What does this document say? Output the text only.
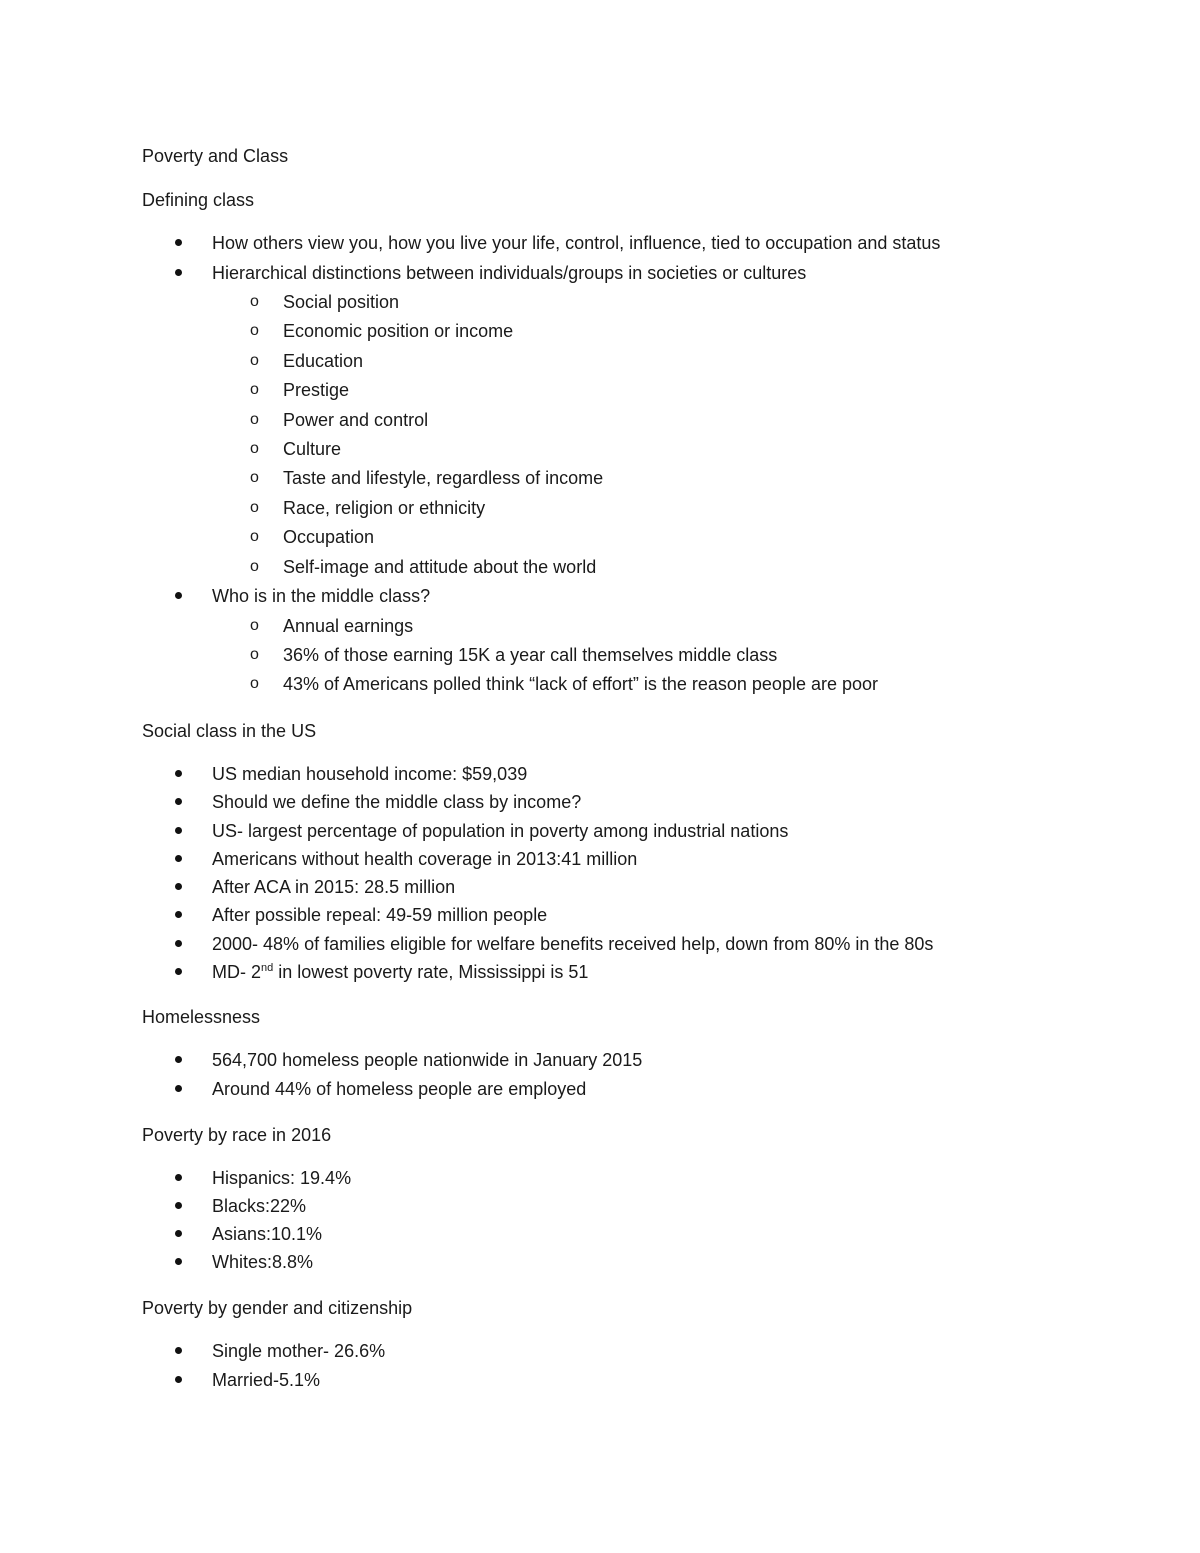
Poverty and Class
Defining class
How others view you, how you live your life, control, influence, tied to occupation and status
Hierarchical distinctions between individuals/groups in societies or cultures
o Social position
o Economic position or income
o Education
o Prestige
o Power and control
o Culture
o Taste and lifestyle, regardless of income
o Race, religion or ethnicity
o Occupation
o Self-image and attitude about the world
Who is in the middle class?
o Annual earnings
o 36% of those earning 15K a year call themselves middle class
o 43% of Americans polled think “lack of effort” is the reason people are poor
Social class in the US
US median household income: $59,039
Should we define the middle class by income?
US- largest percentage of population in poverty among industrial nations
Americans without health coverage in 2013:41 million
After ACA in 2015: 28.5 million
After possible repeal: 49-59 million people
2000- 48% of families eligible for welfare benefits received help, down from 80% in the 80s
MD- 2nd in lowest poverty rate, Mississippi is 51
Homelessness
564,700 homeless people nationwide in January 2015
Around 44% of homeless people are employed
Poverty by race in 2016
Hispanics: 19.4%
Blacks:22%
Asians:10.1%
Whites:8.8%
Poverty by gender and citizenship
Single mother- 26.6%
Married-5.1%
